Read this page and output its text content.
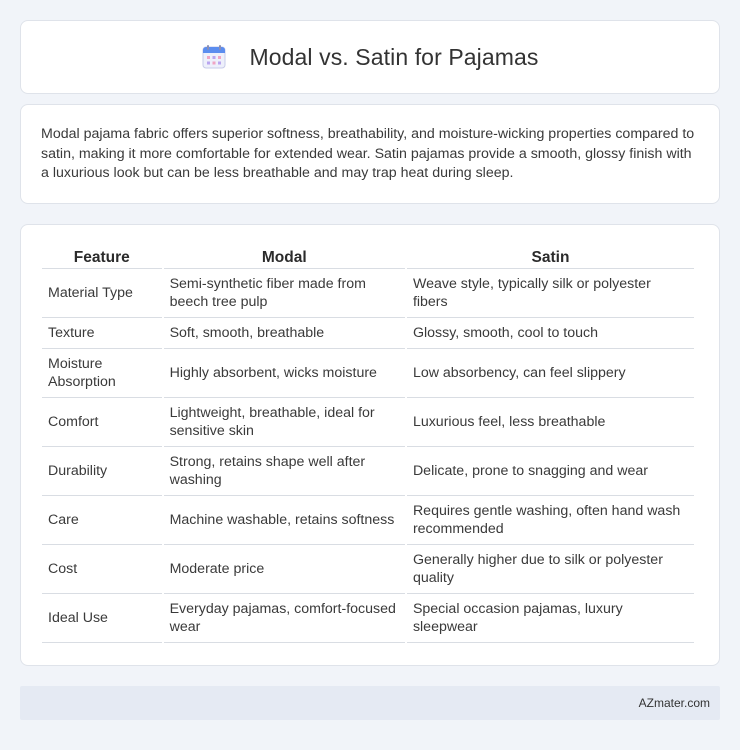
Modal vs. Satin for Pajamas

Modal pajama fabric offers superior softness, breathability, and moisture-wicking properties compared to satin, making it more comfortable for extended wear. Satin pajamas provide a smooth, glossy finish with a luxurious look but can be less breathable and may trap heat during sleep.

Feature	Modal	Satin
Material Type	Semi-synthetic fiber made from beech tree pulp	Weave style, typically silk or polyester fibers
Texture	Soft, smooth, breathable	Glossy, smooth, cool to touch
Moisture Absorption	Highly absorbent, wicks moisture	Low absorbency, can feel slippery
Comfort	Lightweight, breathable, ideal for sensitive skin	Luxurious feel, less breathable
Durability	Strong, retains shape well after washing	Delicate, prone to snagging and wear
Care	Machine washable, retains softness	Requires gentle washing, often hand wash recommended
Cost	Moderate price	Generally higher due to silk or polyester quality
Ideal Use	Everyday pajamas, comfort-focused wear	Special occasion pajamas, luxury sleepwear
AZmater.com
